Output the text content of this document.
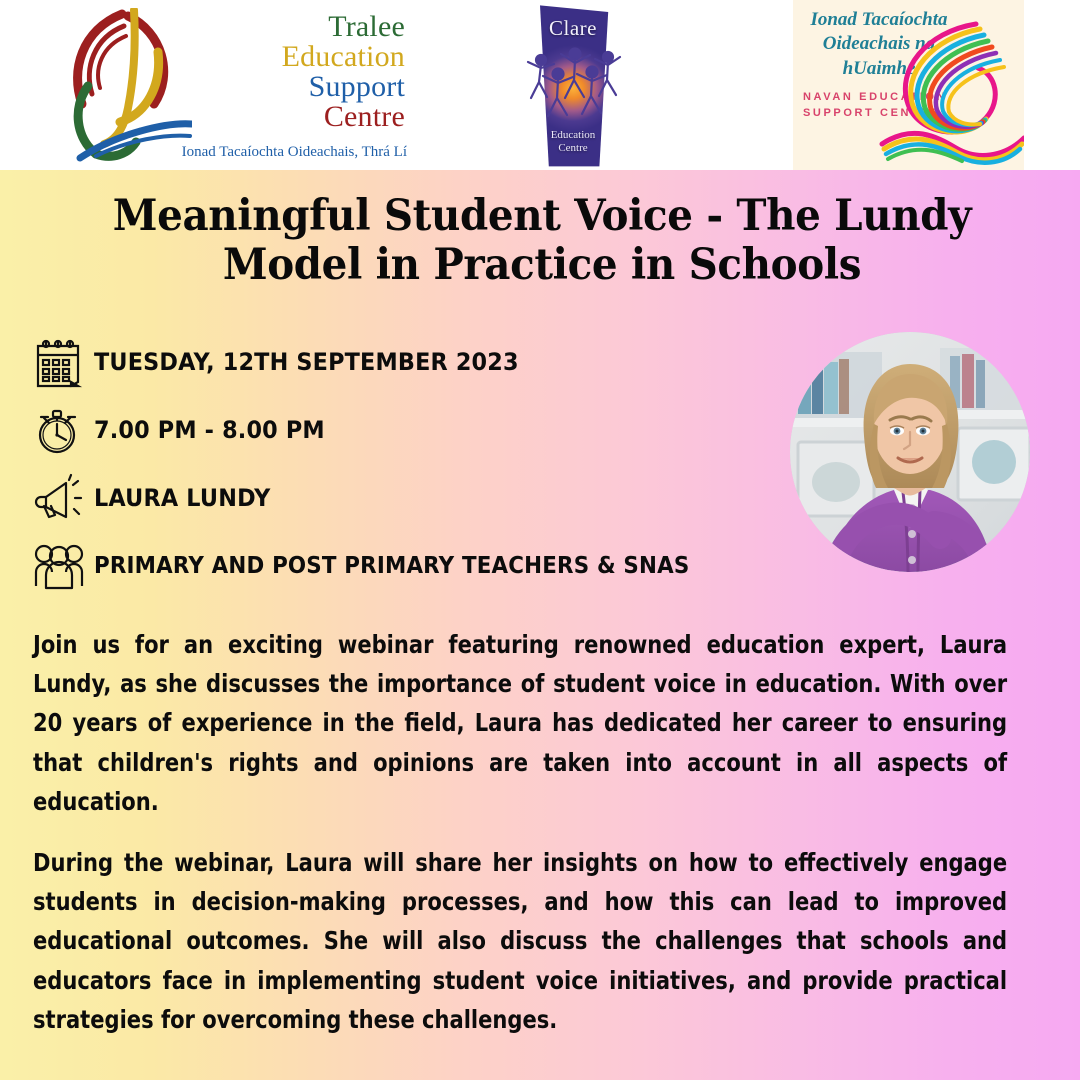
Tralee
Education
Support
Centre
Ionad Tacaíochta Oideachais, Thrá Lí
Clare
Education
Centre
Ionad Tacaíochta
Oideachais na
hUaimhe
NAVAN EDUCATION
SUPPORT CENTRE
Meaningful Student Voice - The Lundy Model in Practice in Schools
TUESDAY, 12TH SEPTEMBER 2023
7.00 PM - 8.00 PM
LAURA LUNDY
PRIMARY AND POST PRIMARY TEACHERS & SNAS

Join us for an exciting webinar featuring renowned education expert, Laura Lundy, as she discusses the importance of student voice in education. With over 20 years of experience in the field, Laura has dedicated her career to ensuring that children's rights and opinions are taken into account in all aspects of education.

During the webinar, Laura will share her insights on how to effectively engage students in decision-making processes, and how this can lead to improved educational outcomes. She will also discuss the challenges that schools and educators face in implementing student voice initiatives, and provide practical strategies for overcoming these challenges.
